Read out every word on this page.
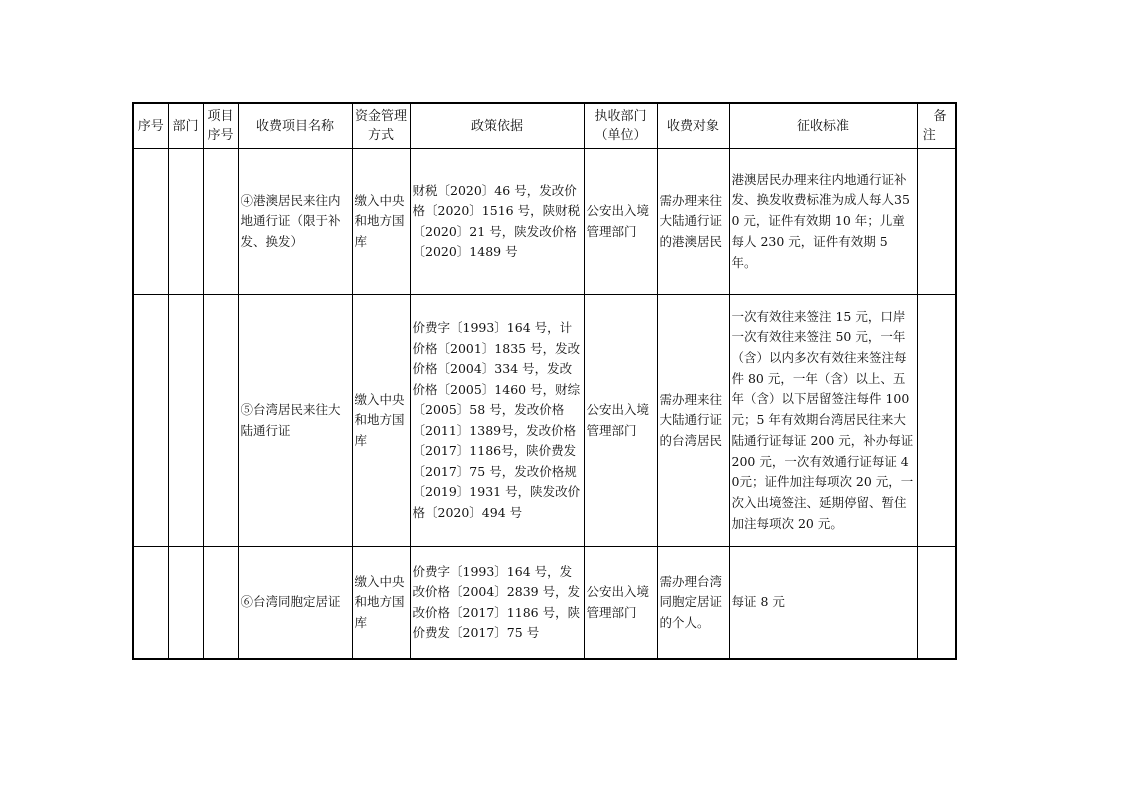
序号	部门	项目序号	收费项目名称	资金管理方式	政策依据	执收部门（单位）	收费对象	征收标准	备注
			④港澳居民来往内地通行证（限于补发、换发）	缴入中央和地方国库	财税〔2020〕46 号，发改价格〔2020〕1516 号，陕财税〔2020〕21 号，陕发改价格〔2020〕1489 号	公安出入境管理部门	需办理来往大陆通行证的港澳居民	港澳居民办理来往内地通行证补发、换发收费标准为成人每人350 元，证件有效期 10 年；儿童每人 230 元，证件有效期 5 年。	
			⑤台湾居民来往大陆通行证	缴入中央和地方国库	价费字〔1993〕164 号，计价格〔2001〕1835 号，发改价格〔2004〕334 号，发改价格〔2005〕1460 号，财综〔2005〕58 号，发改价格〔2011〕1389号，发改价格〔2017〕1186号，陕价费发〔2017〕75 号，发改价格规〔2019〕1931 号，陕发改价格〔2020〕494 号	公安出入境管理部门	需办理来往大陆通行证的台湾居民	一次有效往来签注 15 元，口岸一次有效往来签注 50 元，一年（含）以内多次有效往来签注每件 80 元，一年（含）以上、五年（含）以下居留签注每件 100元；5 年有效期台湾居民往来大陆通行证每证 200 元，补办每证200 元，一次有效通行证每证 40元；证件加注每项次 20 元，一次入出境签注、延期停留、暂住加注每项次 20 元。	
			⑥台湾同胞定居证	缴入中央和地方国库	价费字〔1993〕164 号，发改价格〔2004〕2839 号，发改价格〔2017〕1186 号，陕价费发〔2017〕75 号	公安出入境管理部门	需办理台湾同胞定居证的个人。	每证 8 元	
